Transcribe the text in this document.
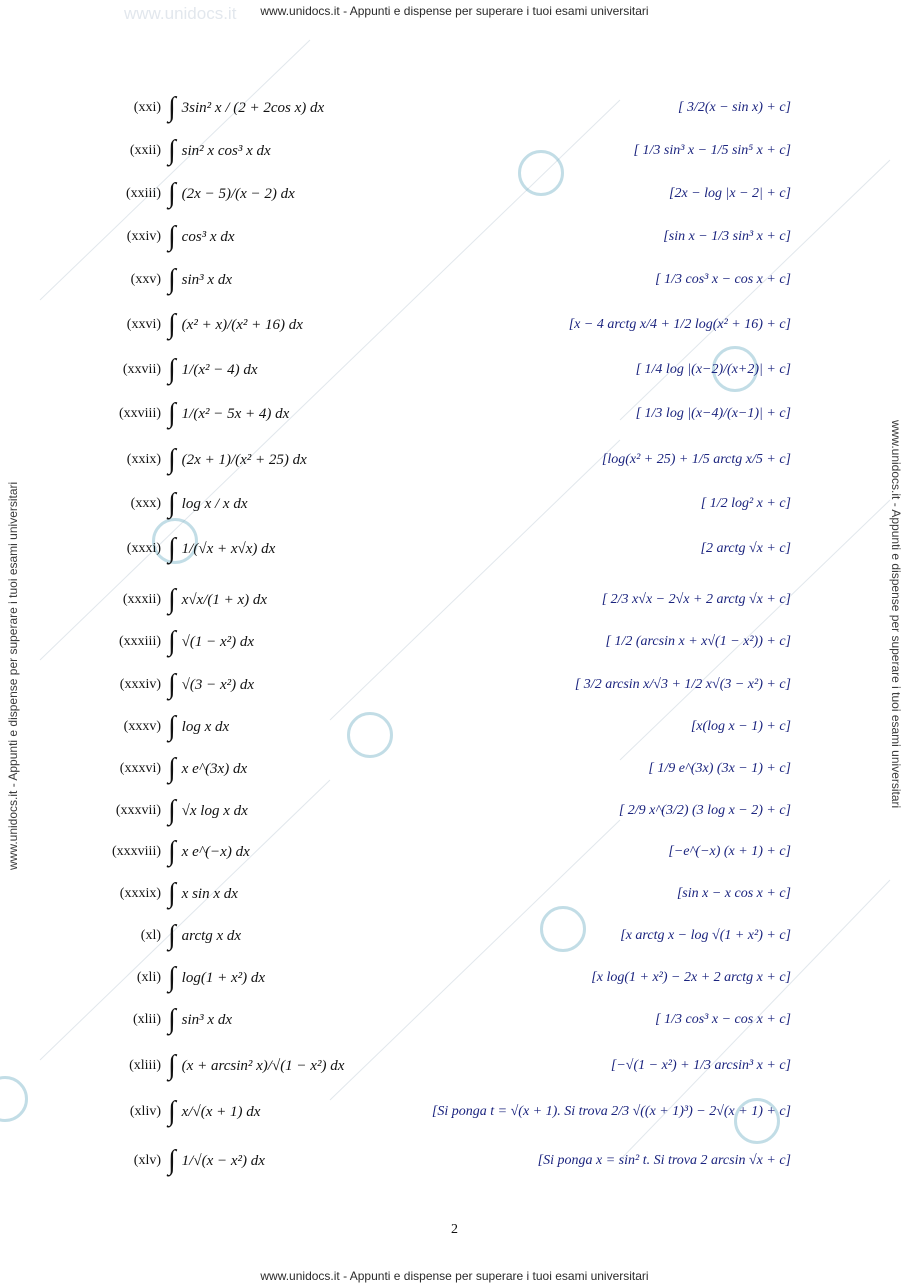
www.unidocs.it	www.unidocs.it - Appunti e dispense per superare i tuoi esami universitari
www.unidocs.it - Appunti e dispense per superare i tuoi esami universitari
www.unidocs.it - Appunti e dispense per superare i tuoi esami universitari	www.unidocs.it - Appunti e dispense per superare i tuoi esami universitari
(xxi) ∫ 3sin² x / (2 + 2cos x) dx	[ 3/2(x − sin x) + c]
(xxii) ∫ sin² x cos³ x dx	[ 1/3 sin³ x − 1/5 sin⁵ x + c]
(xxiii) ∫ (2x − 5)/(x − 2) dx	[2x − log |x − 2| + c]
(xxiv) ∫ cos³ x dx	[sin x − 1/3 sin³ x + c]
(xxv) ∫ sin³ x dx	[ 1/3 cos³ x − cos x + c]
(xxvi) ∫ (x² + x)/(x² + 16) dx	[x − 4 arctg x/4 + 1/2 log(x² + 16) + c]
(xxvii) ∫ 1/(x² − 4) dx	[ 1/4 log |(x−2)/(x+2)| + c]
(xxviii) ∫ 1/(x² − 5x + 4) dx	[ 1/3 log |(x−4)/(x−1)| + c]
(xxix) ∫ (2x + 1)/(x² + 25) dx	[log(x² + 25) + 1/5 arctg x/5 + c]
(xxx) ∫ log x / x dx	[ 1/2 log² x + c]
(xxxi) ∫ 1/(√x + x√x) dx	[2 arctg √x + c]
(xxxii) ∫ x√x/(1 + x) dx	[ 2/3 x√x − 2√x + 2 arctg √x + c]
(xxxiii) ∫ √(1 − x²) dx	[ 1/2 (arcsin x + x√(1 − x²)) + c]
(xxxiv) ∫ √(3 − x²) dx	[ 3/2 arcsin x/√3 + 1/2 x√(3 − x²) + c]
(xxxv) ∫ log x dx	[x(log x − 1) + c]
(xxxvi) ∫ x e^(3x) dx	[ 1/9 e^(3x) (3x − 1) + c]
(xxxvii) ∫ √x log x dx	[ 2/9 x^(3/2) (3 log x − 2) + c]
(xxxviii) ∫ x e^(−x) dx	[−e^(−x) (x + 1) + c]
(xxxix) ∫ x sin x dx	[sin x − x cos x + c]
(xl) ∫ arctg x dx	[x arctg x − log √(1 + x²) + c]
(xli) ∫ log(1 + x²) dx	[x log(1 + x²) − 2x + 2 arctg x + c]
(xlii) ∫ sin³ x dx	[ 1/3 cos³ x − cos x + c]
(xliii) ∫ (x + arcsin² x)/√(1 − x²) dx	[−√(1 − x²) + 1/3 arcsin³ x + c]
(xliv) ∫ x/√(x + 1) dx	[Si ponga t = √(x + 1). Si trova 2/3 √((x + 1)³) − 2√(x + 1) + c]
(xlv) ∫ 1/√(x − x²) dx	[Si ponga x = sin² t. Si trova 2 arcsin √x + c]
2
